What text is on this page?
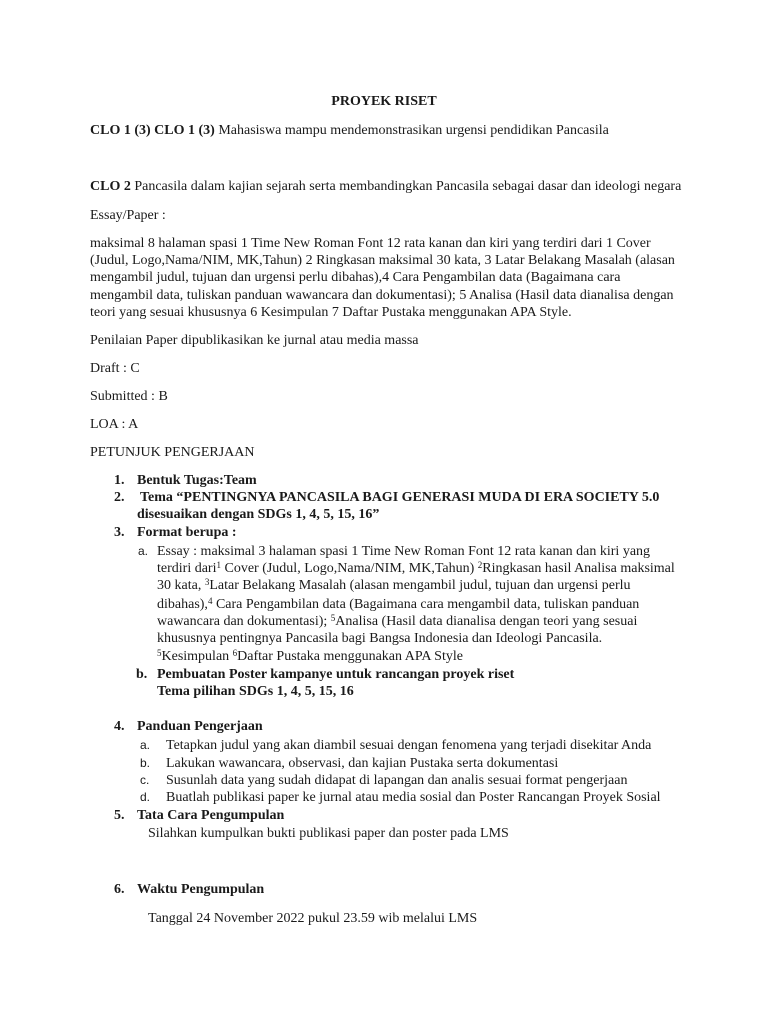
PROYEK RISET
CLO 1 (3) CLO 1 (3) Mahasiswa mampu mendemonstrasikan urgensi pendidikan Pancasila
CLO 2 Pancasila dalam kajian sejarah serta membandingkan Pancasila sebagai dasar dan ideologi negara
Essay/Paper :
maksimal 8 halaman spasi 1 Time New Roman Font 12 rata kanan dan kiri yang terdiri dari 1 Cover
(Judul, Logo,Nama/NIM, MK,Tahun) 2 Ringkasan maksimal 30 kata, 3 Latar Belakang Masalah (alasan
mengambil judul, tujuan dan urgensi perlu dibahas),4 Cara Pengambilan data (Bagaimana cara
mengambil data, tuliskan panduan wawancara dan dokumentasi); 5 Analisa (Hasil data dianalisa dengan
teori yang sesuai khususnya 6 Kesimpulan 7 Daftar Pustaka menggunakan APA Style.
Penilaian Paper dipublikasikan ke jurnal atau media massa
Draft : C
Submitted : B
LOA : A
PETUNJUK PENGERJAAN
1. Bentuk Tugas:Team
2. Tema “PENTINGNYA PANCASILA BAGI GENERASI MUDA DI ERA SOCIETY 5.0
disesuaikan dengan SDGs 1, 4, 5, 15, 16”
3. Format berupa :
a. Essay : maksimal 3 halaman spasi 1 Time New Roman Font 12 rata kanan dan kiri yang
terdiri dari$^1$ Cover (Judul, Logo,Nama/NIM, MK,Tahun) $^2$Ringkasan hasil Analisa maksimal
30 kata, $^3$Latar Belakang Masalah (alasan mengambil judul, tujuan dan urgensi perlu
dibahas),$^4$ Cara Pengambilan data (Bagaimana cara mengambil data, tuliskan panduan
wawancara dan dokumentasi); $^5$Analisa (Hasil data dianalisa dengan teori yang sesuai
khususnya pentingnya Pancasila bagi Bangsa Indonesia dan Ideologi Pancasila.
$^5$Kesimpulan $^6$Daftar Pustaka menggunakan APA Style
b. Pembuatan Poster kampanye untuk rancangan proyek riset
Tema pilihan SDGs 1, 4, 5, 15, 16
4. Panduan Pengerjaan
a. Tetapkan judul yang akan diambil sesuai dengan fenomena yang terjadi disekitar Anda
b. Lakukan wawancara, observasi, dan kajian Pustaka serta dokumentasi
c. Susunlah data yang sudah didapat di lapangan dan analis sesuai format pengerjaan
d. Buatlah publikasi paper ke jurnal atau media sosial dan Poster Rancangan Proyek Sosial
5. Tata Cara Pengumpulan
Silahkan kumpulkan bukti publikasi paper dan poster pada LMS
6. Waktu Pengumpulan
Tanggal 24 November 2022 pukul 23.59 wib melalui LMS
